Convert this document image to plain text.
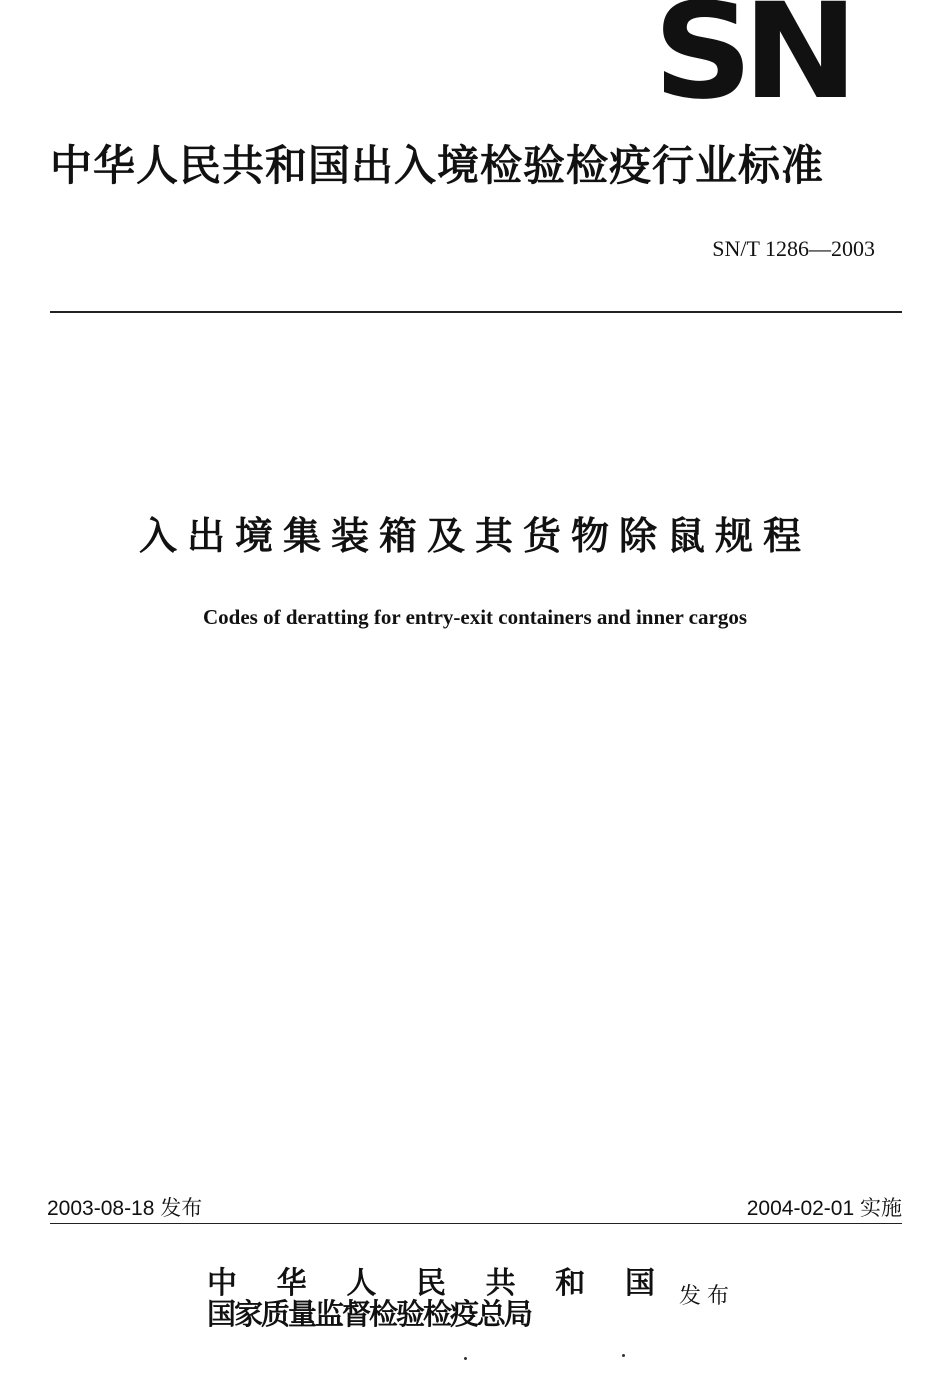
SN
中华人民共和国出入境检验检疫行业标准
SN/T 1286—2003
入出境集装箱及其货物除鼠规程
Codes of deratting for entry-exit containers and inner cargos
2003-08-18 发布	2004-02-01 实施
中 华 人 民 共 和 国
国家质量监督检验检疫总局
发布
